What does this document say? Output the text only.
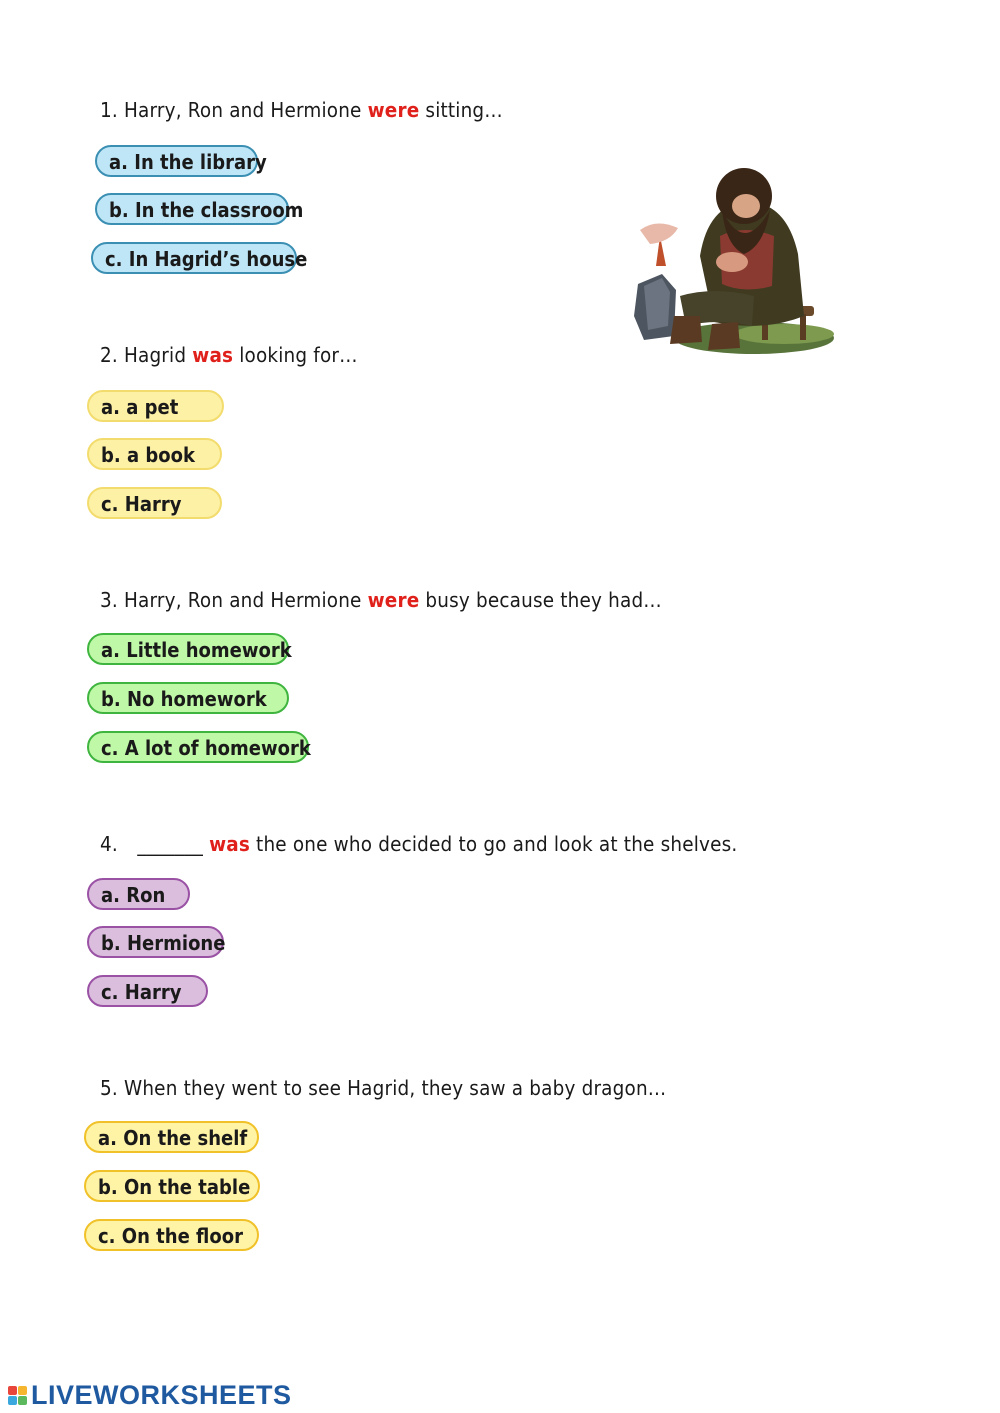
1. Harry, Ron and Hermione were sitting…
a. In the library
b. In the classroom
c. In Hagrid’s house
2. Hagrid was looking for…
a. a pet
b. a book
c. Harry
3. Harry, Ron and Hermione were busy because they had…
a. Little homework
b. No homework
c. A lot of homework
4. _______ was the one who decided to go and look at the shelves.
a. Ron
b. Hermione
c. Harry
5. When they went to see Hagrid, they saw a baby dragon…
a. On the shelf
b. On the table
c. On the floor
LIVEWORKSHEETS
